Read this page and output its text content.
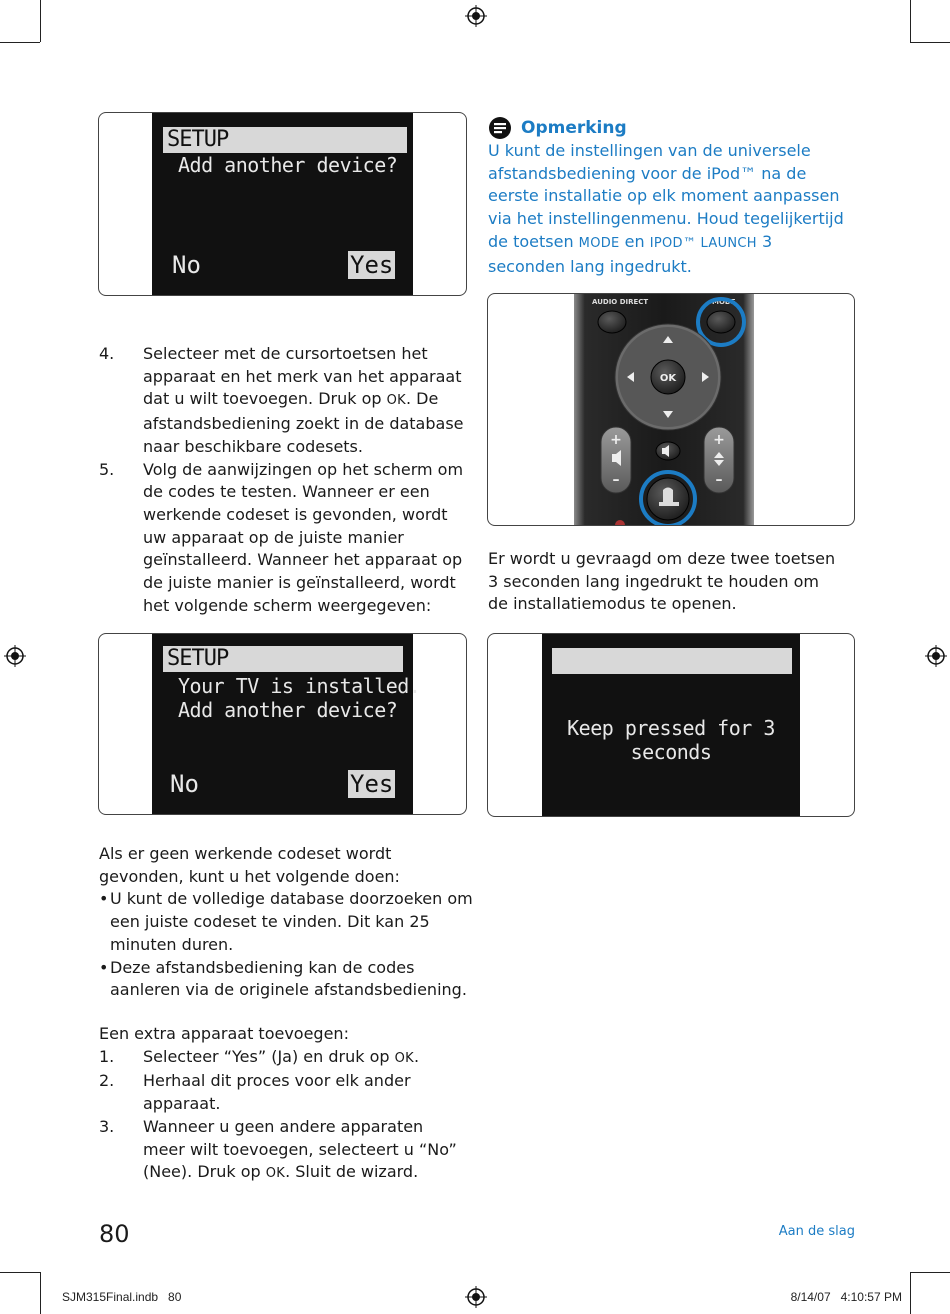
SETUP
Add another device?
No	Yes
4. Selecteer met de cursortoetsen het apparaat en het merk van het apparaat dat u wilt toevoegen. Druk op OK. De afstandsbediening zoekt in de database naar beschikbare codesets.
5. Volg de aanwijzingen op het scherm om de codes te testen. Wanneer er een werkende codeset is gevonden, wordt uw apparaat op de juiste manier geïnstalleerd. Wanneer het apparaat op de juiste manier is geïnstalleerd, wordt het volgende scherm weergegeven:
SETUP
Your TV is installed.
Add another device?
No	Yes
Als er geen werkende codeset wordt gevonden, kunt u het volgende doen:
• U kunt de volledige database doorzoeken om een juiste codeset te vinden. Dit kan 25 minuten duren.
• Deze afstandsbediening kan de codes aanleren via de originele afstandsbediening.
Een extra apparaat toevoegen:
1. Selecteer “Yes” (Ja) en druk op OK.
2. Herhaal dit proces voor elk ander apparaat.
3. Wanneer u geen andere apparaten meer wilt toevoegen, selecteert u “No” (Nee). Druk op OK. Sluit de wizard.
Opmerking
U kunt de instellingen van de universele afstandsbediening voor de iPod™ na de eerste installatie op elk moment aanpassen via het instellingenmenu. Houd tegelijkertijd de toetsen MODE en IPOD™ LAUNCH 3 seconden lang ingedrukt.
AUDIO DIRECT	MODE
OK
+
–
+
–
Er wordt u gevraagd om deze twee toetsen 3 seconden lang ingedrukt te houden om de installatiemodus te openen.
Keep pressed for 3
seconds
80	Aan de slag
SJM315Final.indb   80	8/14/07   4:10:57 PM
